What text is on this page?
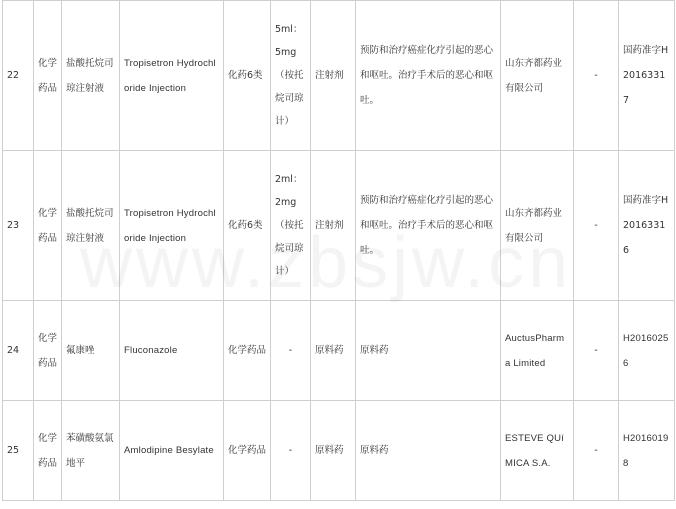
22	化学药品	盐酸托烷司琼注射液	Tropisetron Hydrochloride Injection	化药6类	5ml：5mg（按托烷司琼计）	注射剂	预防和治疗癌症化疗引起的恶心和呕吐。治疗手术后的恶心和呕吐。	山东齐都药业有限公司	-	国药准字H20163317
23	化学药品	盐酸托烷司琼注射液	Tropisetron Hydrochloride Injection	化药6类	2ml：2mg（按托烷司琼计）	注射剂	预防和治疗癌症化疗引起的恶心和呕吐。治疗手术后的恶心和呕吐。	山东齐都药业有限公司	-	国药准字H20163316
24	化学药品	氟康唑	Fluconazole	化学药品	-	原料药	原料药	AuctusPharma Limited	-	H20160256
25	化学药品	苯磺酸氨氯地平	Amlodipine Besylate	化学药品	-	原料药	原料药	ESTEVE QUíMICA S.A.	-	H20160198
